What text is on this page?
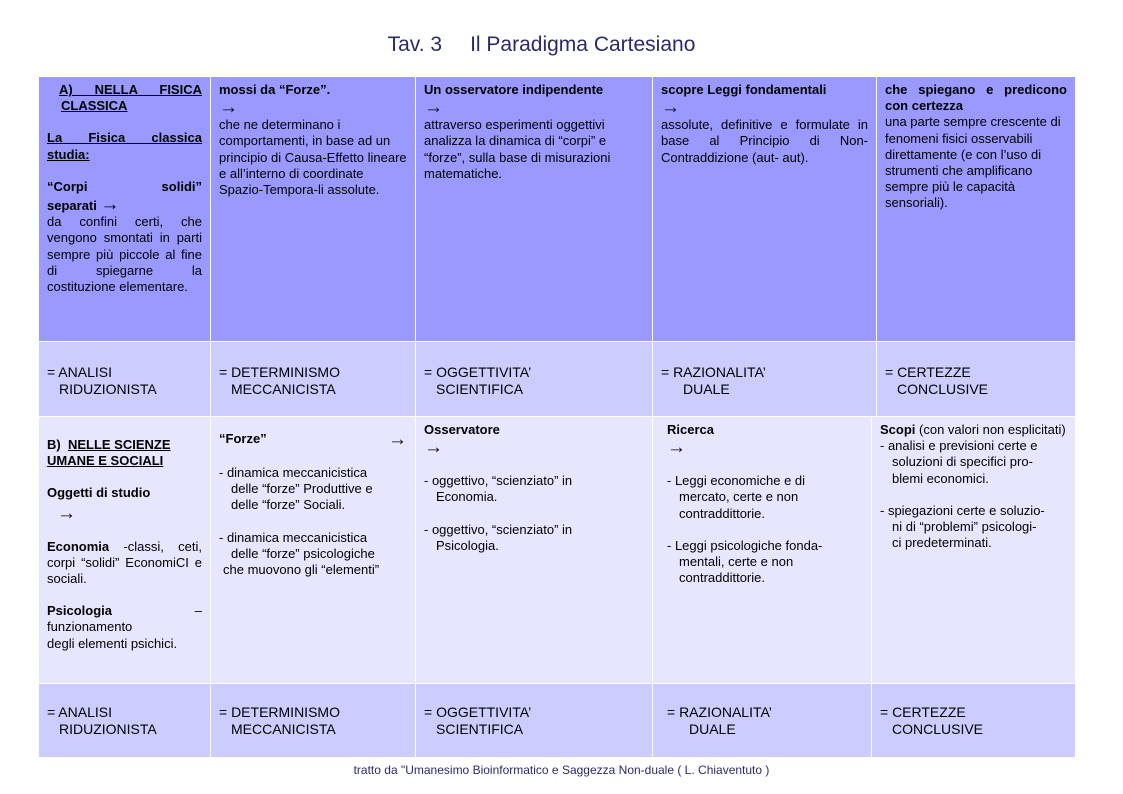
Tav. 3 Il Paradigma Cartesiano
A) NELLA FISICA CLASSICA
La Fisica classica studia:
“Corpi solidi”
separati →
da confini certi, che vengono smontati in parti sempre più piccole al fine di spiegarne la costituzione elementare.
mossi da “Forze”.
→
che ne determinano i comportamenti, in base ad un principio di Causa-Effetto lineare e all’interno di coordinate Spazio-Tempora-li assolute.
Un osservatore indipendente
→
attraverso esperimenti oggettivi analizza la dinamica di “corpi” e “forze”, sulla base di misurazioni matematiche.
scopre Leggi fondamentali
→
assolute, definitive e formulate in base al Principio di Non-Contraddizione (aut- aut).
che spiegano e predicono con certezza
una parte sempre crescente di fenomeni fisici osservabili direttamente (e con l’uso di strumenti che amplificano sempre più le capacità sensoriali).
= ANALISI
RIDUZIONISTA
= DETERMINISMO
MECCANICISTA
= OGGETTIVITA’
SCIENTIFICA
= RAZIONALITA’
DUALE
= CERTEZZE
CONCLUSIVE
B) NELLE SCIENZE UMANE E SOCIALI
Oggetti di studio
→
Economia -classi, ceti, corpi “solidi” EconomiCI e sociali.
Psicologia	–
funzionamento
degli elementi psichici.
“Forze”	→
- dinamica meccanicistica
delle “forze” Produttive e
delle “forze” Sociali.
- dinamica meccanicistica
delle “forze” psicologiche
che muovono gli “elementi”
Osservatore
→
- oggettivo, “scienziato” in
Economia.
- oggettivo, “scienziato” in
Psicologia.
Ricerca
→
- Leggi economiche e di
mercato, certe e non
contraddittorie.
- Leggi psicologiche fonda-
mentali, certe e non
contraddittorie.
Scopi (con valori non esplicitati)
- analisi e previsioni certe e
soluzioni di specifici pro-
blemi economici.
- spiegazioni certe e soluzio-
ni di “problemi” psicologi-
ci predeterminati.
= ANALISI
RIDUZIONISTA
= DETERMINISMO
MECCANICISTA
= OGGETTIVITA’
SCIENTIFICA
= RAZIONALITA’
DUALE
= CERTEZZE
CONCLUSIVE
tratto da "Umanesimo Bioinformatico e Saggezza Non-duale ( L. Chiaventuto )
